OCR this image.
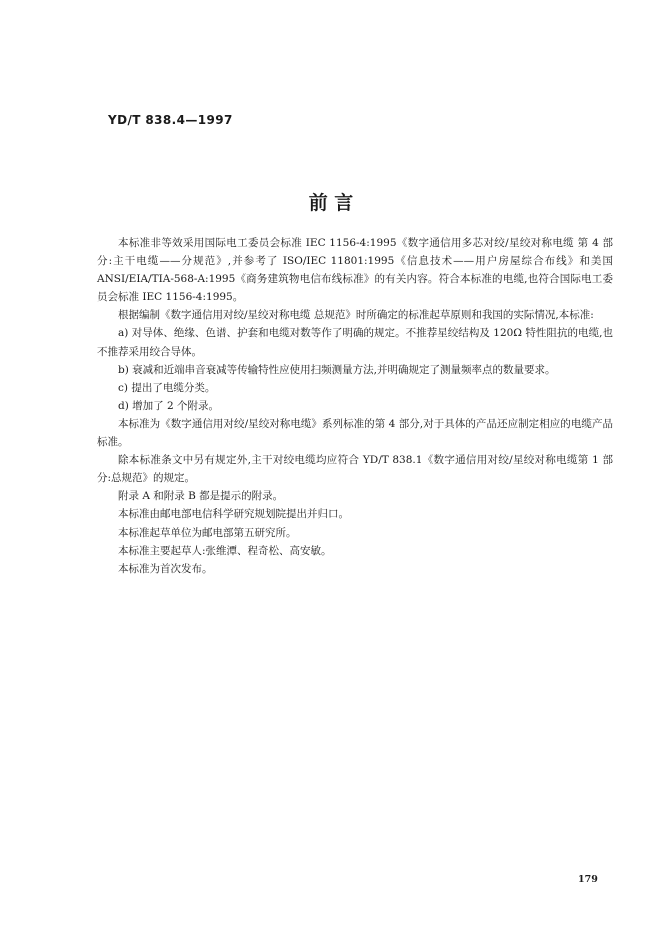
YD/T 838.4—1997
前 言

本标准非等效采用国际电工委员会标准 IEC 1156-4:1995《数字通信用多芯对绞/星绞对称电缆 第 4 部分:主干电缆——分规范》,并参考了 ISO/IEC 11801:1995《信息技术——用户房屋综合布线》和美国 ANSI/EIA/TIA-568-A:1995《商务建筑物电信布线标准》的有关内容。符合本标准的电缆,也符合国际电工委员会标准 IEC 1156-4:1995。

根据编制《数字通信用对绞/星绞对称电缆 总规范》时所确定的标准起草原则和我国的实际情况,本标准:

a) 对导体、绝缘、色谱、护套和电缆对数等作了明确的规定。不推荐星绞结构及 120Ω 特性阻抗的电缆,也不推荐采用绞合导体。

b) 衰减和近端串音衰减等传输特性应使用扫频测量方法,并明确规定了测量频率点的数量要求。

c) 提出了电缆分类。

d) 增加了 2 个附录。

本标准为《数字通信用对绞/星绞对称电缆》系列标准的第 4 部分,对于具体的产品还应制定相应的电缆产品标准。

除本标准条文中另有规定外,主干对绞电缆均应符合 YD/T 838.1《数字通信用对绞/星绞对称电缆第 1 部分:总规范》的规定。

附录 A 和附录 B 都是提示的附录。

本标准由邮电部电信科学研究规划院提出并归口。

本标准起草单位为邮电部第五研究所。

本标准主要起草人:张维潭、程奇松、高安敏。

本标准为首次发布。

179
